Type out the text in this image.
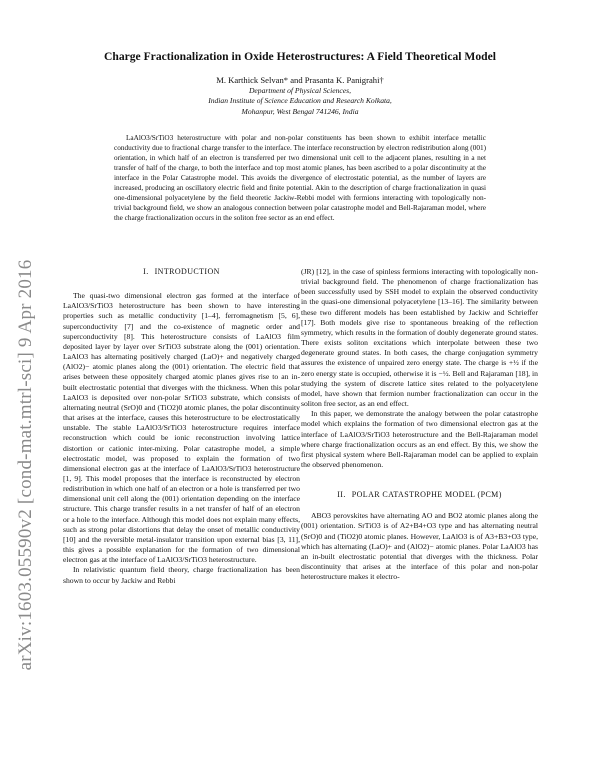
arXiv:1603.05590v2 [cond-mat.mtrl-sci] 9 Apr 2016
Charge Fractionalization in Oxide Heterostructures: A Field Theoretical Model
M. Karthick Selvan* and Prasanta K. Panigrahi†
Department of Physical Sciences,
Indian Institute of Science Education and Research Kolkata,
Mohanpur, West Bengal 741246, India
LaAlO3/SrTiO3 heterostructure with polar and non-polar constituents has been shown to exhibit interface metallic conductivity due to fractional charge transfer to the interface. The interface reconstruction by electron redistribution along (001) orientation, in which half of an electron is transferred per two dimensional unit cell to the adjacent planes, resulting in a net transfer of half of the charge, to both the interface and top most atomic planes, has been ascribed to a polar discontinuity at the interface in the Polar Catastrophe model. This avoids the divergence of electrostatic potential, as the number of layers are increased, producing an oscillatory electric field and finite potential. Akin to the description of charge fractionalization in quasi one-dimensional polyacetylene by the field theoretic Jackiw-Rebbi model with fermions interacting with topologically non-trivial background field, we show an analogous connection between polar catastrophe model and Bell-Rajaraman model, where the charge fractionalization occurs in the soliton free sector as an end effect.
I. INTRODUCTION

The quasi-two dimensional electron gas formed at the interface of LaAlO3/SrTiO3 heterostructure has been shown to have interesting properties such as metallic conductivity [1–4], ferromagnetism [5, 6], superconductivity [7] and the co-existence of magnetic order and superconductivity [8]. This heterostructure consists of LaAlO3 film deposited layer by layer over SrTiO3 substrate along the (001) orientation. LaAlO3 has alternating positively charged (LaO)+ and negatively charged (AlO2)− atomic planes along the (001) orientation. The electric field that arises between these oppositely charged atomic planes gives rise to an in-built electrostatic potential that diverges with the thickness. When this polar LaAlO3 is deposited over non-polar SrTiO3 substrate, which consists of alternating neutral (SrO)0 and (TiO2)0 atomic planes, the polar discontinuity that arises at the interface, causes this heterostructure to be electrostatically unstable. The stable LaAlO3/SrTiO3 heterostructure requires interface reconstruction which could be ionic reconstruction involving lattice distortion or cationic inter-mixing. Polar catastrophe model, a simple electrostatic model, was proposed to explain the formation of two dimensional electron gas at the interface of LaAlO3/SrTiO3 heterostructure [1, 9]. This model proposes that the interface is reconstructed by electron redistribution in which one half of an electron or a hole is transferred per two dimensional unit cell along the (001) orientation depending on the interface structure. This charge transfer results in a net transfer of half of an electron or a hole to the interface. Although this model does not explain many effects, such as strong polar distortions that delay the onset of metallic conductivity [10] and the reversible metal-insulator transition upon external bias [3, 11], this gives a possible explanation for the formation of two dimensional electron gas at the interface of LaAlO3/SrTiO3 heterostructure.

In relativistic quantum field theory, charge fractionalization has been shown to occur by Jackiw and Rebbi

(JR) [12], in the case of spinless fermions interacting with topologically non-trivial background field. The phenomenon of charge fractionalization has been successfully used by SSH model to explain the observed conductivity in the quasi-one dimensional polyacetylene [13–16]. The similarity between these two different models has been established by Jackiw and Schrieffer [17]. Both models give rise to spontaneous breaking of the reflection symmetry, which results in the formation of doubly degenerate ground states. There exists soliton excitations which interpolate between these two degenerate ground states. In both cases, the charge conjugation symmetry assures the existence of unpaired zero energy state. The charge is +½ if the zero energy state is occupied, otherwise it is −½. Bell and Rajaraman [18], in studying the system of discrete lattice sites related to the polyacetylene model, have shown that fermion number fractionalization can occur in the soliton free sector, as an end effect.

In this paper, we demonstrate the analogy between the polar catastrophe model which explains the formation of two dimensional electron gas at the interface of LaAlO3/SrTiO3 heterostructure and the Bell-Rajaraman model where charge fractionalization occurs as an end effect. By this, we show the first physical system where Bell-Rajaraman model can be applied to explain the observed phenomenon.

II. POLAR CATASTROPHE MODEL (PCM)

ABO3 perovskites have alternating AO and BO2 atomic planes along the (001) orientation. SrTiO3 is of A2+B4+O3 type and has alternating neutral (SrO)0 and (TiO2)0 atomic planes. However, LaAlO3 is of A3+B3+O3 type, which has alternating (LaO)+ and (AlO2)− atomic planes. Polar LaAlO3 has an in-built electrostatic potential that diverges with the thickness. Polar discontinuity that arises at the interface of this polar and non-polar heterostructure makes it electro-
